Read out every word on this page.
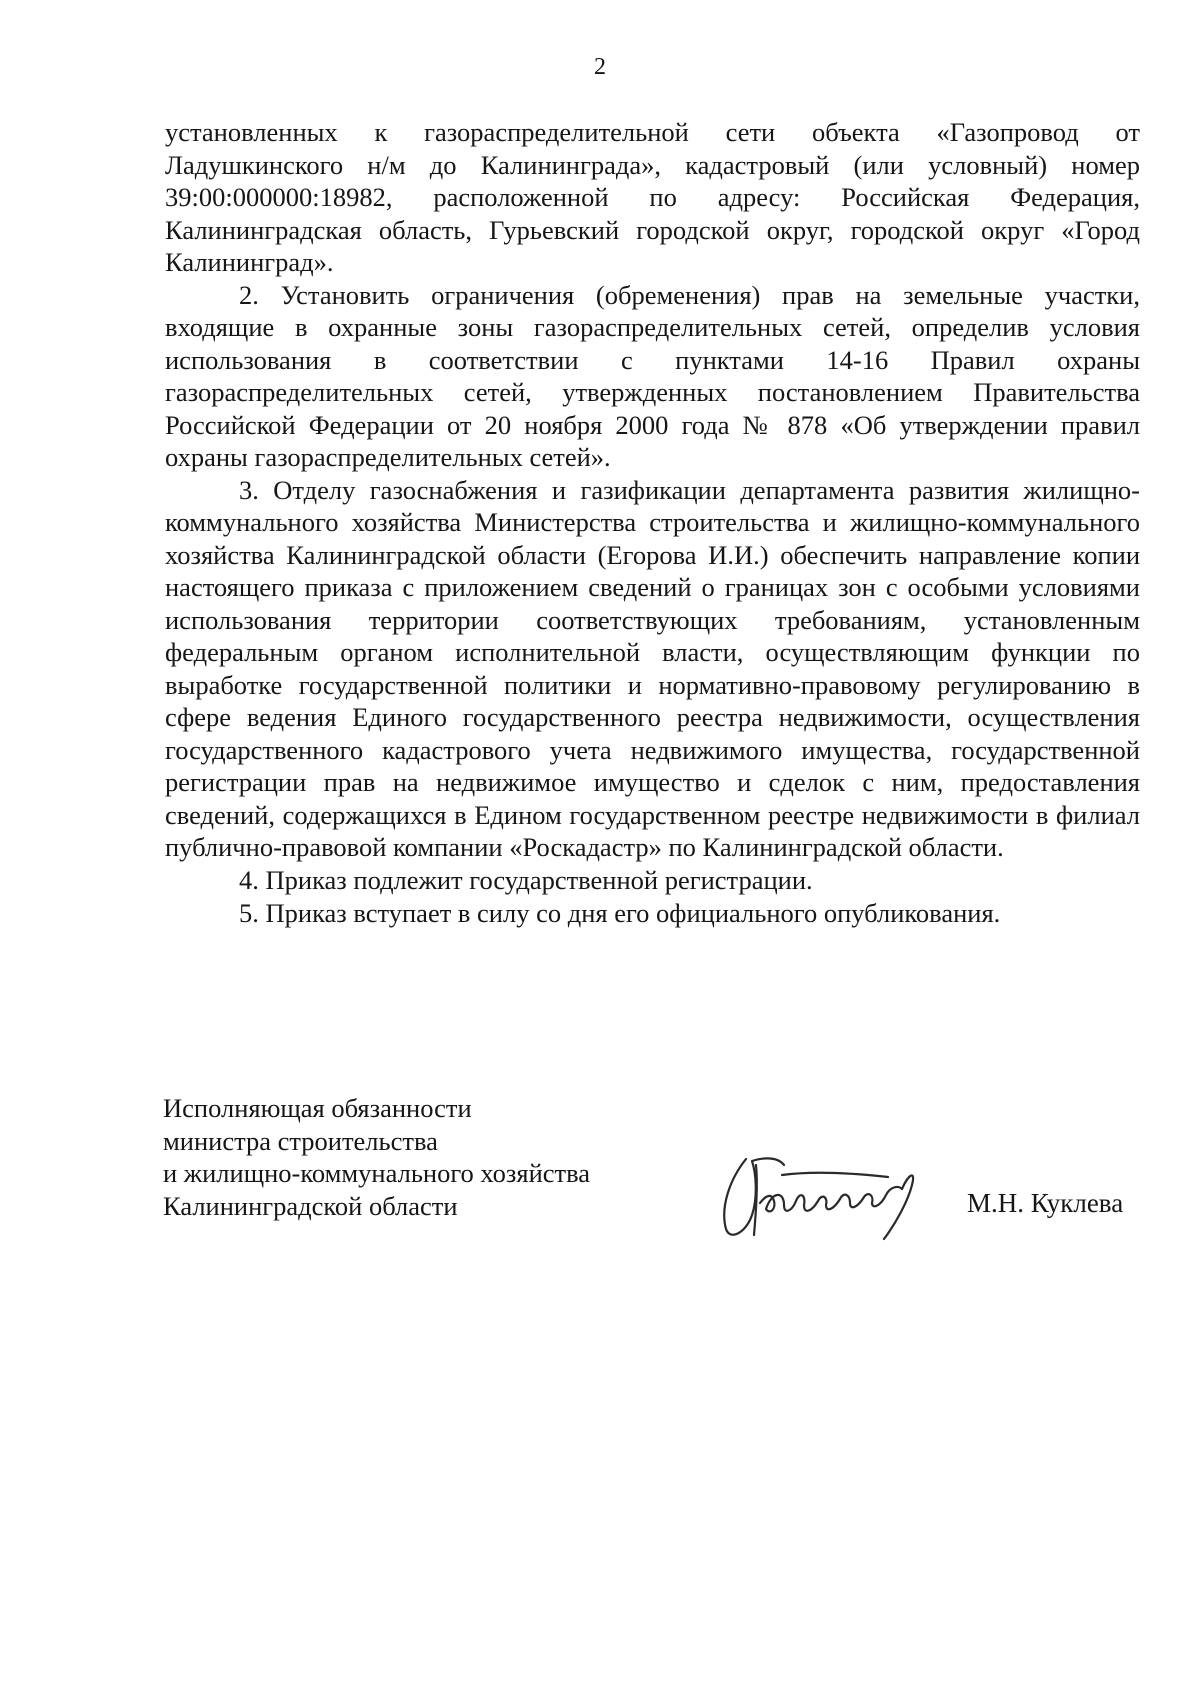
2

установленных к газораспределительной сети объекта «Газопровод от Ладушкинского н/м до Калининграда», кадастровый (или условный) номер 39:00:000000:18982, расположенной по адресу: Российская Федерация, Калининградская область, Гурьевский городской округ, городской округ «Город Калининград».

2. Установить ограничения (обременения) прав на земельные участки, входящие в охранные зоны газораспределительных сетей, определив условия использования в соответствии с пунктами 14-16 Правил охраны газораспределительных сетей, утвержденных постановлением Правительства Российской Федерации от 20 ноября 2000 года № 878 «Об утверждении правил охраны газораспределительных сетей».

3. Отделу газоснабжения и газификации департамента развития жилищно-коммунального хозяйства Министерства строительства и жилищно-коммунального хозяйства Калининградской области (Егорова И.И.) обеспечить направление копии настоящего приказа с приложением сведений о границах зон с особыми условиями использования территории соответствующих требованиям, установленным федеральным органом исполнительной власти, осуществляющим функции по выработке государственной политики и нормативно-правовому регулированию в сфере ведения Единого государственного реестра недвижимости, осуществления государственного кадастрового учета недвижимого имущества, государственной регистрации прав на недвижимое имущество и сделок с ним, предоставления сведений, содержащихся в Едином государственном реестре недвижимости в филиал публично-правовой компании «Роскадастр» по Калининградской области.

4. Приказ подлежит государственной регистрации.

5. Приказ вступает в силу со дня его официального опубликования.

Исполняющая обязанности
министра строительства
и жилищно-коммунального хозяйства
Калининградской области	М.Н. Куклева
